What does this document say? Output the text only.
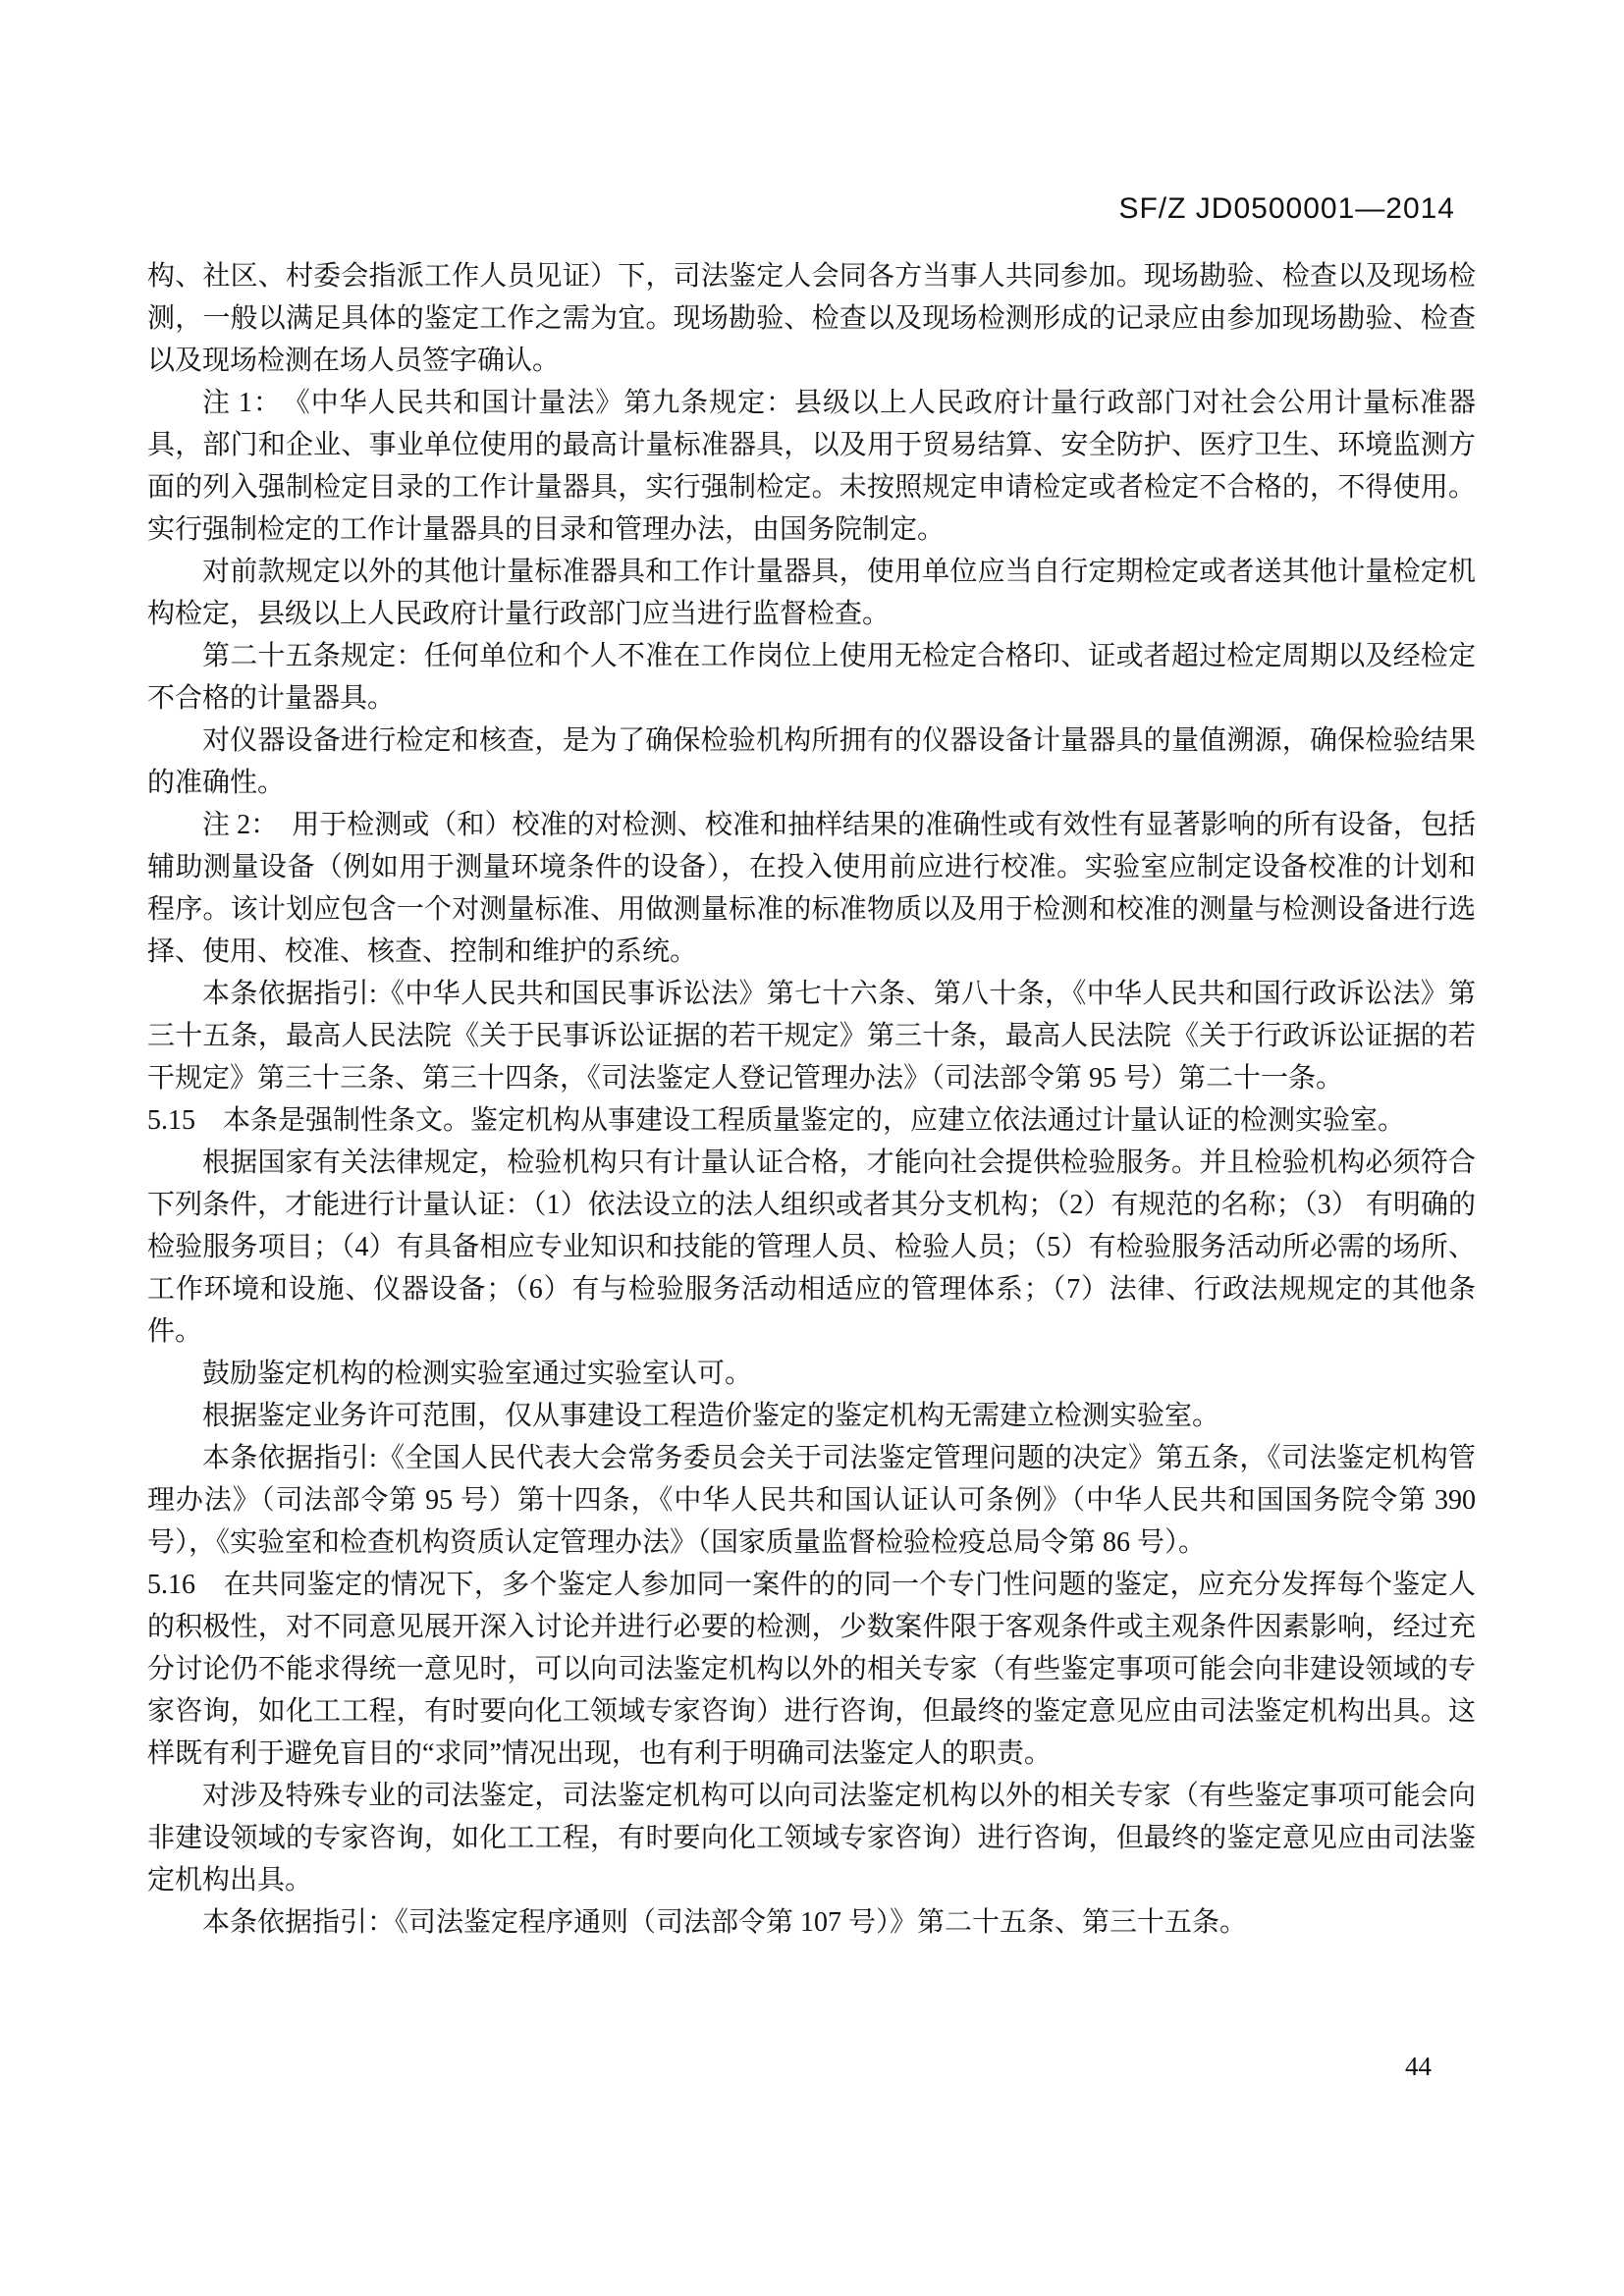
SF/Z JD0500001—2014

构、社区、村委会指派工作人员见证）下，司法鉴定人会同各方当事人共同参加。现场勘验、检查以及现场检测，一般以满足具体的鉴定工作之需为宜。现场勘验、检查以及现场检测形成的记录应由参加现场勘验、检查以及现场检测在场人员签字确认。

注 1：　《中华人民共和国计量法》第九条规定：县级以上人民政府计量行政部门对社会公用计量标准器具，部门和企业、事业单位使用的最高计量标准器具，以及用于贸易结算、安全防护、医疗卫生、环境监测方面的列入强制检定目录的工作计量器具，实行强制检定。未按照规定申请检定或者检定不合格的，不得使用。实行强制检定的工作计量器具的目录和管理办法，由国务院制定。

对前款规定以外的其他计量标准器具和工作计量器具，使用单位应当自行定期检定或者送其他计量检定机构检定，县级以上人民政府计量行政部门应当进行监督检查。

第二十五条规定：任何单位和个人不准在工作岗位上使用无检定合格印、证或者超过检定周期以及经检定不合格的计量器具。

对仪器设备进行检定和核查，是为了确保检验机构所拥有的仪器设备计量器具的量值溯源，确保检验结果的准确性。

注 2：　用于检测或（和）校准的对检测、校准和抽样结果的准确性或有效性有显著影响的所有设备，包括辅助测量设备（例如用于测量环境条件的设备），在投入使用前应进行校准。实验室应制定设备校准的计划和程序。该计划应包含一个对测量标准、用做测量标准的标准物质以及用于检测和校准的测量与检测设备进行选择、使用、校准、核查、控制和维护的系统。

本条依据指引:《中华人民共和国民事诉讼法》第七十六条、第八十条，《中华人民共和国行政诉讼法》第三十五条，最高人民法院《关于民事诉讼证据的若干规定》第三十条，最高人民法院《关于行政诉讼证据的若干规定》第三十三条、第三十四条，《司法鉴定人登记管理办法》（司法部令第 95 号）第二十一条。

5.15　本条是强制性条文。鉴定机构从事建设工程质量鉴定的，应建立依法通过计量认证的检测实验室。

根据国家有关法律规定，检验机构只有计量认证合格，才能向社会提供检验服务。并且检验机构必须符合下列条件，才能进行计量认证：（1）依法设立的法人组织或者其分支机构；（2）有规范的名称；（3） 有明确的检验服务项目；（4）有具备相应专业知识和技能的管理人员、检验人员；（5）有检验服务活动所必需的场所、工作环境和设施、仪器设备；（6）有与检验服务活动相适应的管理体系；（7）法律、行政法规规定的其他条件。

鼓励鉴定机构的检测实验室通过实验室认可。

根据鉴定业务许可范围，仅从事建设工程造价鉴定的鉴定机构无需建立检测实验室。

本条依据指引:《全国人民代表大会常务委员会关于司法鉴定管理问题的决定》第五条，《司法鉴定机构管理办法》（司法部令第 95 号）第十四条，《中华人民共和国认证认可条例》（中华人民共和国国务院令第 390 号），《实验室和检查机构资质认定管理办法》（国家质量监督检验检疫总局令第 86 号）。

5.16　在共同鉴定的情况下，多个鉴定人参加同一案件的的同一个专门性问题的鉴定，应充分发挥每个鉴定人的积极性，对不同意见展开深入讨论并进行必要的检测，少数案件限于客观条件或主观条件因素影响，经过充分讨论仍不能求得统一意见时，可以向司法鉴定机构以外的相关专家（有些鉴定事项可能会向非建设领域的专家咨询，如化工工程，有时要向化工领域专家咨询）进行咨询，但最终的鉴定意见应由司法鉴定机构出具。这样既有利于避免盲目的“求同”情况出现，也有利于明确司法鉴定人的职责。

对涉及特殊专业的司法鉴定，司法鉴定机构可以向司法鉴定机构以外的相关专家（有些鉴定事项可能会向非建设领域的专家咨询，如化工工程，有时要向化工领域专家咨询）进行咨询，但最终的鉴定意见应由司法鉴定机构出具。

本条依据指引：《司法鉴定程序通则（司法部令第 107 号）》第二十五条、第三十五条。

44
